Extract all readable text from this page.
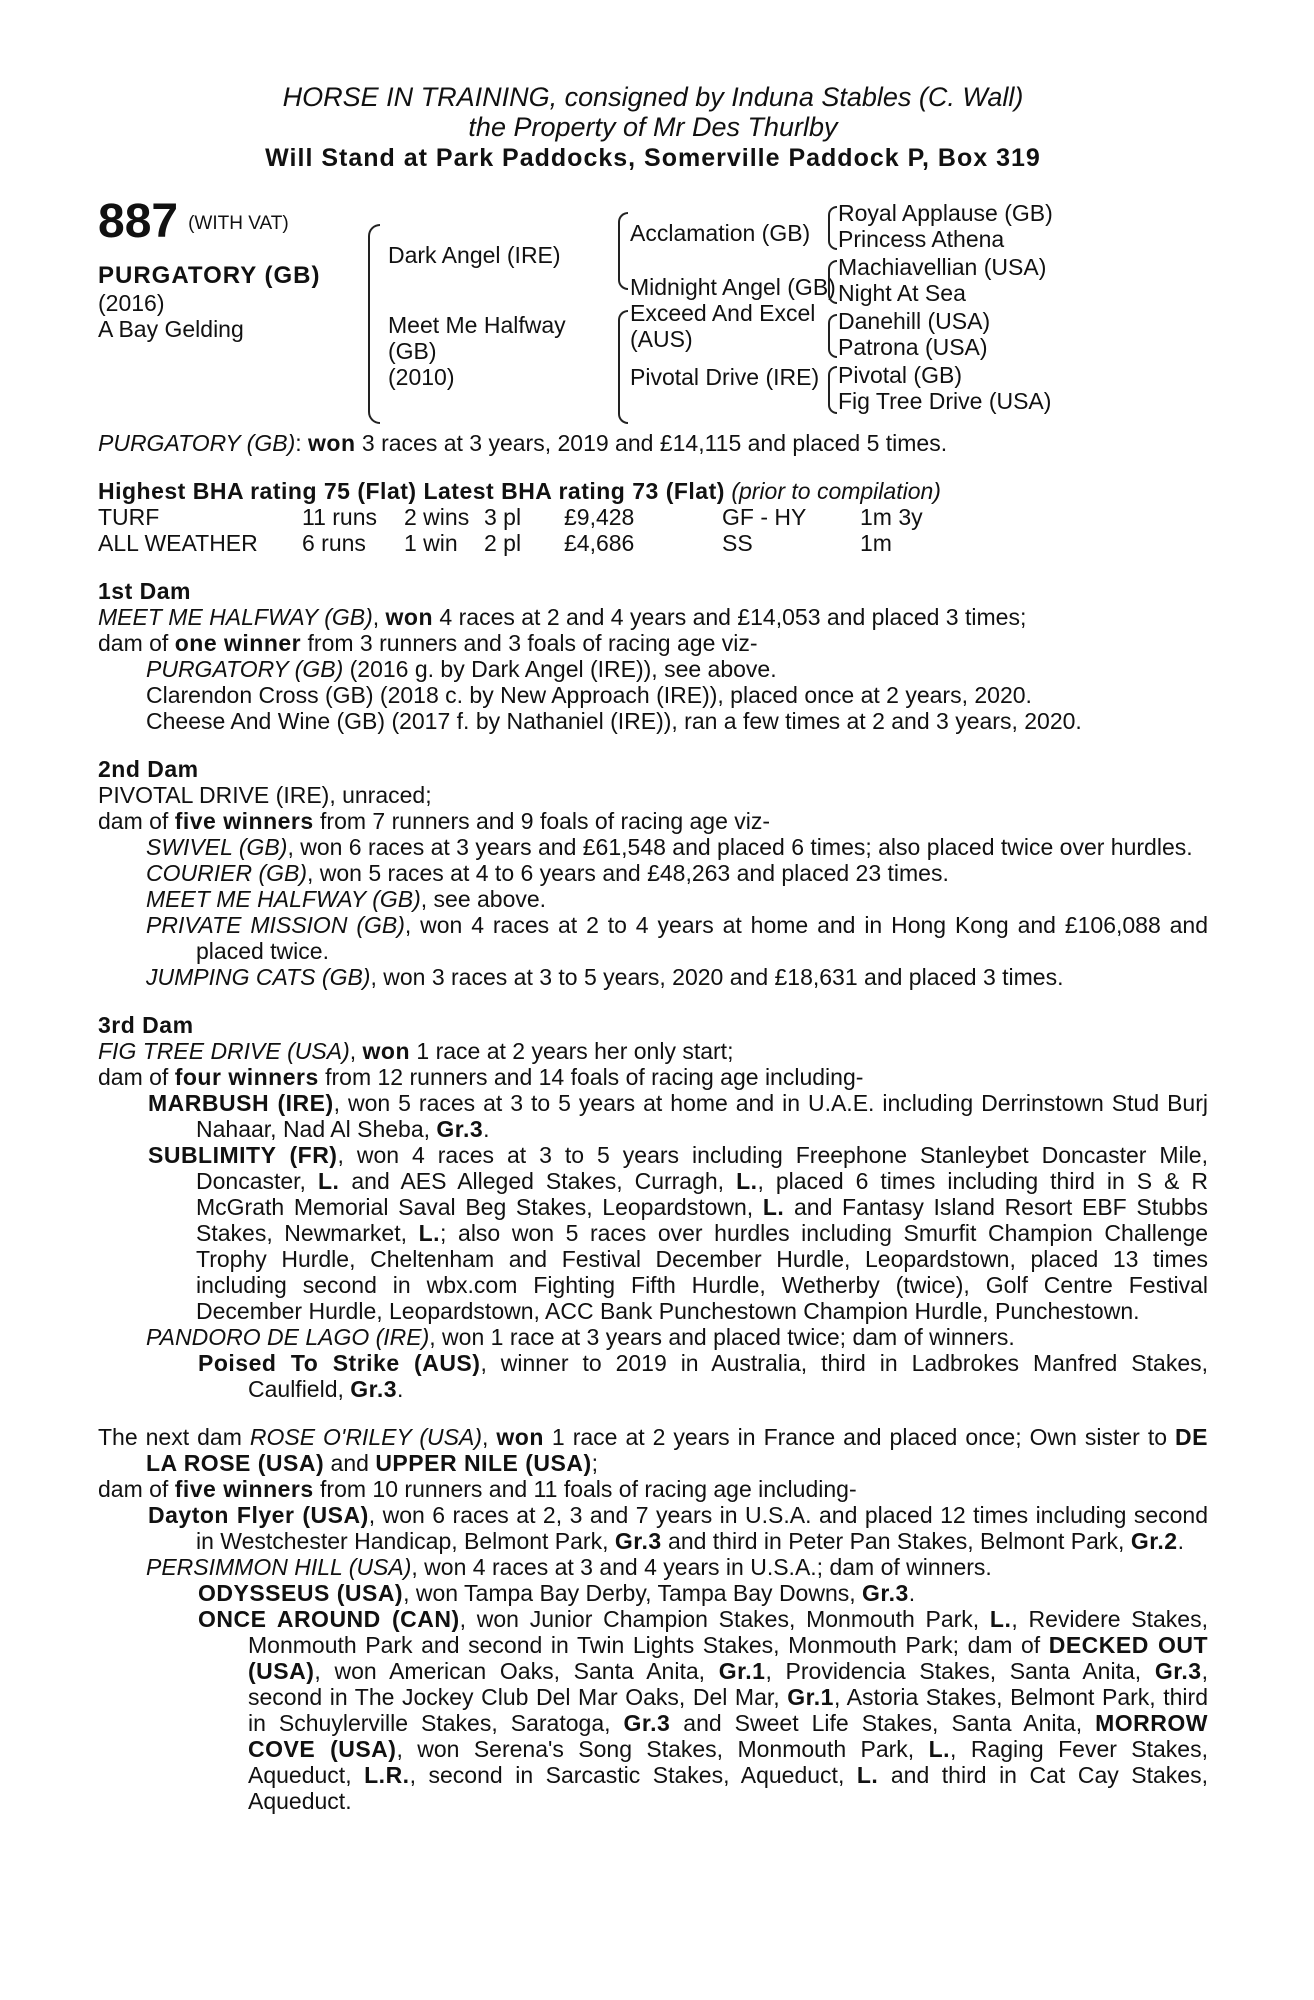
HORSE IN TRAINING, consigned by Induna Stables (C. Wall)
the Property of Mr Des Thurlby
Will Stand at Park Paddocks, Somerville Paddock P, Box 319
887 (WITH VAT)
PURGATORY (GB)
(2016)
A Bay Gelding
Dark Angel (IRE)
Meet Me Halfway
(GB)
(2010)
Acclamation (GB)
Midnight Angel (GB)
Exceed And Excel
(AUS)
Pivotal Drive (IRE)
Royal Applause (GB)
Princess Athena
Machiavellian (USA)
Night At Sea
Danehill (USA)
Patrona (USA)
Pivotal (GB)
Fig Tree Drive (USA)

PURGATORY (GB): won 3 races at 3 years, 2019 and £14,115 and placed 5 times.

Highest BHA rating 75 (Flat) Latest BHA rating 73 (Flat) (prior to compilation)

TURF	11 runs	2 wins	3 pl	£9,428	GF - HY	1m 3y
ALL WEATHER	6 runs	1 win	2 pl	£4,686	SS	1m
1st Dam

MEET ME HALFWAY (GB), won 4 races at 2 and 4 years and £14,053 and placed 3 times;

dam of one winner from 3 runners and 3 foals of racing age viz-

PURGATORY (GB) (2016 g. by Dark Angel (IRE)), see above.

Clarendon Cross (GB) (2018 c. by New Approach (IRE)), placed once at 2 years, 2020.

Cheese And Wine (GB) (2017 f. by Nathaniel (IRE)), ran a few times at 2 and 3 years, 2020.

2nd Dam

PIVOTAL DRIVE (IRE), unraced;

dam of five winners from 7 runners and 9 foals of racing age viz-

SWIVEL (GB), won 6 races at 3 years and £61,548 and placed 6 times; also placed twice over hurdles.

COURIER (GB), won 5 races at 4 to 6 years and £48,263 and placed 23 times.

MEET ME HALFWAY (GB), see above.

PRIVATE MISSION (GB), won 4 races at 2 to 4 years at home and in Hong Kong and £106,088 and placed twice.

JUMPING CATS (GB), won 3 races at 3 to 5 years, 2020 and £18,631 and placed 3 times.

3rd Dam

FIG TREE DRIVE (USA), won 1 race at 2 years her only start;

dam of four winners from 12 runners and 14 foals of racing age including-

MARBUSH (IRE), won 5 races at 3 to 5 years at home and in U.A.E. including Derrinstown Stud Burj Nahaar, Nad Al Sheba, Gr.3.

SUBLIMITY (FR), won 4 races at 3 to 5 years including Freephone Stanleybet Doncaster Mile, Doncaster, L. and AES Alleged Stakes, Curragh, L., placed 6 times including third in S & R McGrath Memorial Saval Beg Stakes, Leopardstown, L. and Fantasy Island Resort EBF Stubbs Stakes, Newmarket, L.; also won 5 races over hurdles including Smurfit Champion Challenge Trophy Hurdle, Cheltenham and Festival December Hurdle, Leopardstown, placed 13 times including second in wbx.com Fighting Fifth Hurdle, Wetherby (twice), Golf Centre Festival December Hurdle, Leopardstown, ACC Bank Punchestown Champion Hurdle, Punchestown.

PANDORO DE LAGO (IRE), won 1 race at 3 years and placed twice; dam of winners.

Poised To Strike (AUS), winner to 2019 in Australia, third in Ladbrokes Manfred Stakes, Caulfield, Gr.3.

The next dam ROSE O'RILEY (USA), won 1 race at 2 years in France and placed once; Own sister to DE LA ROSE (USA) and UPPER NILE (USA);

dam of five winners from 10 runners and 11 foals of racing age including-

Dayton Flyer (USA), won 6 races at 2, 3 and 7 years in U.S.A. and placed 12 times including second in Westchester Handicap, Belmont Park, Gr.3 and third in Peter Pan Stakes, Belmont Park, Gr.2.

PERSIMMON HILL (USA), won 4 races at 3 and 4 years in U.S.A.; dam of winners.

ODYSSEUS (USA), won Tampa Bay Derby, Tampa Bay Downs, Gr.3.

ONCE AROUND (CAN), won Junior Champion Stakes, Monmouth Park, L., Revidere Stakes, Monmouth Park and second in Twin Lights Stakes, Monmouth Park; dam of DECKED OUT (USA), won American Oaks, Santa Anita, Gr.1, Providencia Stakes, Santa Anita, Gr.3, second in The Jockey Club Del Mar Oaks, Del Mar, Gr.1, Astoria Stakes, Belmont Park, third in Schuylerville Stakes, Saratoga, Gr.3 and Sweet Life Stakes, Santa Anita, MORROW COVE (USA), won Serena's Song Stakes, Monmouth Park, L., Raging Fever Stakes, Aqueduct, L.R., second in Sarcastic Stakes, Aqueduct, L. and third in Cat Cay Stakes, Aqueduct.
